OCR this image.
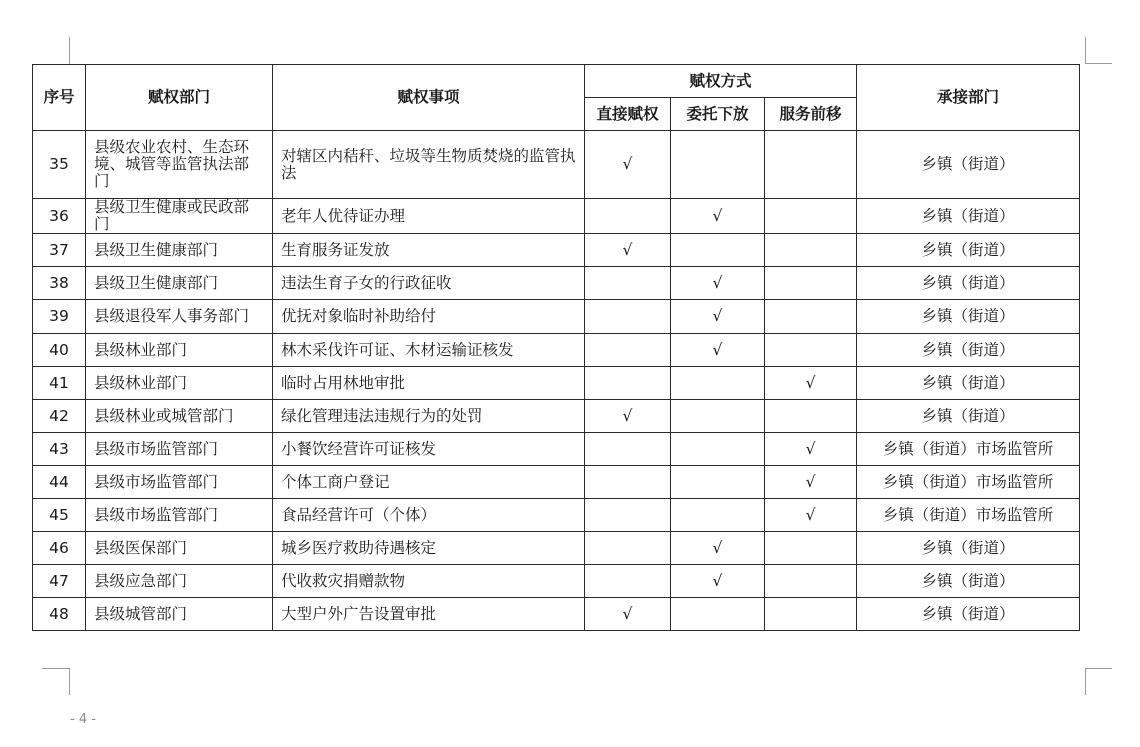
序号	赋权部门	赋权事项	赋权方式			承接部门
			直接赋权	委托下放	服务前移	
35	县级农业农村、生态环境、城管等监管执法部门	对辖区内秸秆、垃圾等生物质焚烧的监管执法	√			乡镇（街道）
36	县级卫生健康或民政部门	老年人优待证办理		√		乡镇（街道）
37	县级卫生健康部门	生育服务证发放	√			乡镇（街道）
38	县级卫生健康部门	违法生育子女的行政征收		√		乡镇（街道）
39	县级退役军人事务部门	优抚对象临时补助给付		√		乡镇（街道）
40	县级林业部门	林木采伐许可证、木材运输证核发		√		乡镇（街道）
41	县级林业部门	临时占用林地审批			√	乡镇（街道）
42	县级林业或城管部门	绿化管理违法违规行为的处罚	√			乡镇（街道）
43	县级市场监管部门	小餐饮经营许可证核发			√	乡镇（街道）市场监管所
44	县级市场监管部门	个体工商户登记			√	乡镇（街道）市场监管所
45	县级市场监管部门	食品经营许可（个体）			√	乡镇（街道）市场监管所
46	县级医保部门	城乡医疗救助待遇核定		√		乡镇（街道）
47	县级应急部门	代收救灾捐赠款物		√		乡镇（街道）
48	县级城管部门	大型户外广告设置审批	√			乡镇（街道）
- 4 -
